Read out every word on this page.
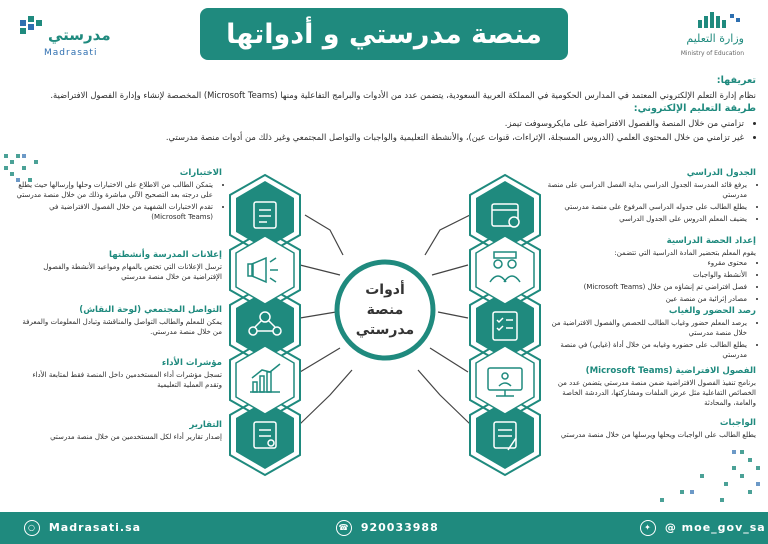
منصة مدرستي و أدواتها
مدرستي
Madrasati
وزارة التعليم
Ministry of Education
تعريفها:

نظام إدارة التعلم الإلكتروني المعتمد في المدارس الحكومية في المملكة العربية السعودية، يتضمن عدد من الأدوات والبرامج التفاعلية ومنها (Microsoft Teams) المخصصة لإنشاء وإدارة الفصول الافتراضية.

طريقة التعليم الإلكتروني:
• تزامني من خلال المنصة والفصول الافتراضية على مايكروسوفت تيمز.
• غير تزامني من خلال المحتوى العلمي (الدروس المسجلة، الإثراءات، قنوات عين)، والأنشطة التعليمية والواجبات والتواصل المجتمعي وغير ذلك من أدوات منصة مدرستي.
أدوات منصة مدرستي
الاختبارات
• يتمكن الطالب من الاطلاع على الاختبارات وحلها وإرسالها حيث يطلع على درجته بعد التصحيح الآلي مباشرة وذلك من خلال منصة مدرستي
• تقدم الاختبارات الشفهية من خلال الفصول الافتراضية في (Microsoft Teams)
إعلانات المدرسة وأنشطتها

ترسل الإعلانات التي تختص بالمهام ومواعيد الأنشطة والفصول الإفتراضية من خلال منصة مدرستي

التواصل المجتمعي (لوحة النقاش)

يمكن للمعلم والطالب التواصل والمناقشة وتبادل المعلومات والمعرفة من خلال منصة مدرستي.

مؤشرات الأداء

تسجل مؤشرات أداء المستخدمين داخل المنصة فقط لمتابعة الأداء وتقدم العملية التعليمية

التقارير

إصدار تقارير أداء لكل المستخدمين من خلال منصة مدرستي

الجدول الدراسي
• يرفع قائد المدرسة الجدول الدراسي بداية الفصل الدراسي على منصة مدرستي
• يطلع الطالب على جدوله الدراسي المرفوع على منصة مدرستي
• يضيف المعلم الدروس على الجدول الدراسي
إعداد الحصة الدراسية

يقوم المعلم بتحضير المادة الدراسية التي تتضمن:

• محتوى مقروء
• الأنشطة والواجبات
• فصل افتراضي تم إنشاؤه من خلال (Microsoft Teams)
• مصادر إثرائية من منصة عين
رصد الحضور والغياب
• يرصد المعلم حضور وغياب الطالب للحصص والفصول الافتراضية من خلال منصة مدرستي
• يطلع الطالب على حضوره وغيابه من خلال أداة (غيابي) في منصة مدرستي
الفصول الافتراضية (Microsoft Teams)

برنامج تنفيذ الفصول الافتراضية ضمن منصة مدرستي يتضمن عدد من الخصائص التفاعلية مثل عرض الملفات ومشاركتها، الدردشة الخاصة والعامة، والمحادثة

الواجبات

يطلع الطالب على الواجبات ويحلها ويرسلها من خلال منصة مدرستي

○ Madrasati.sa	☎ 920033988	✦ @ moe_gov_sa
